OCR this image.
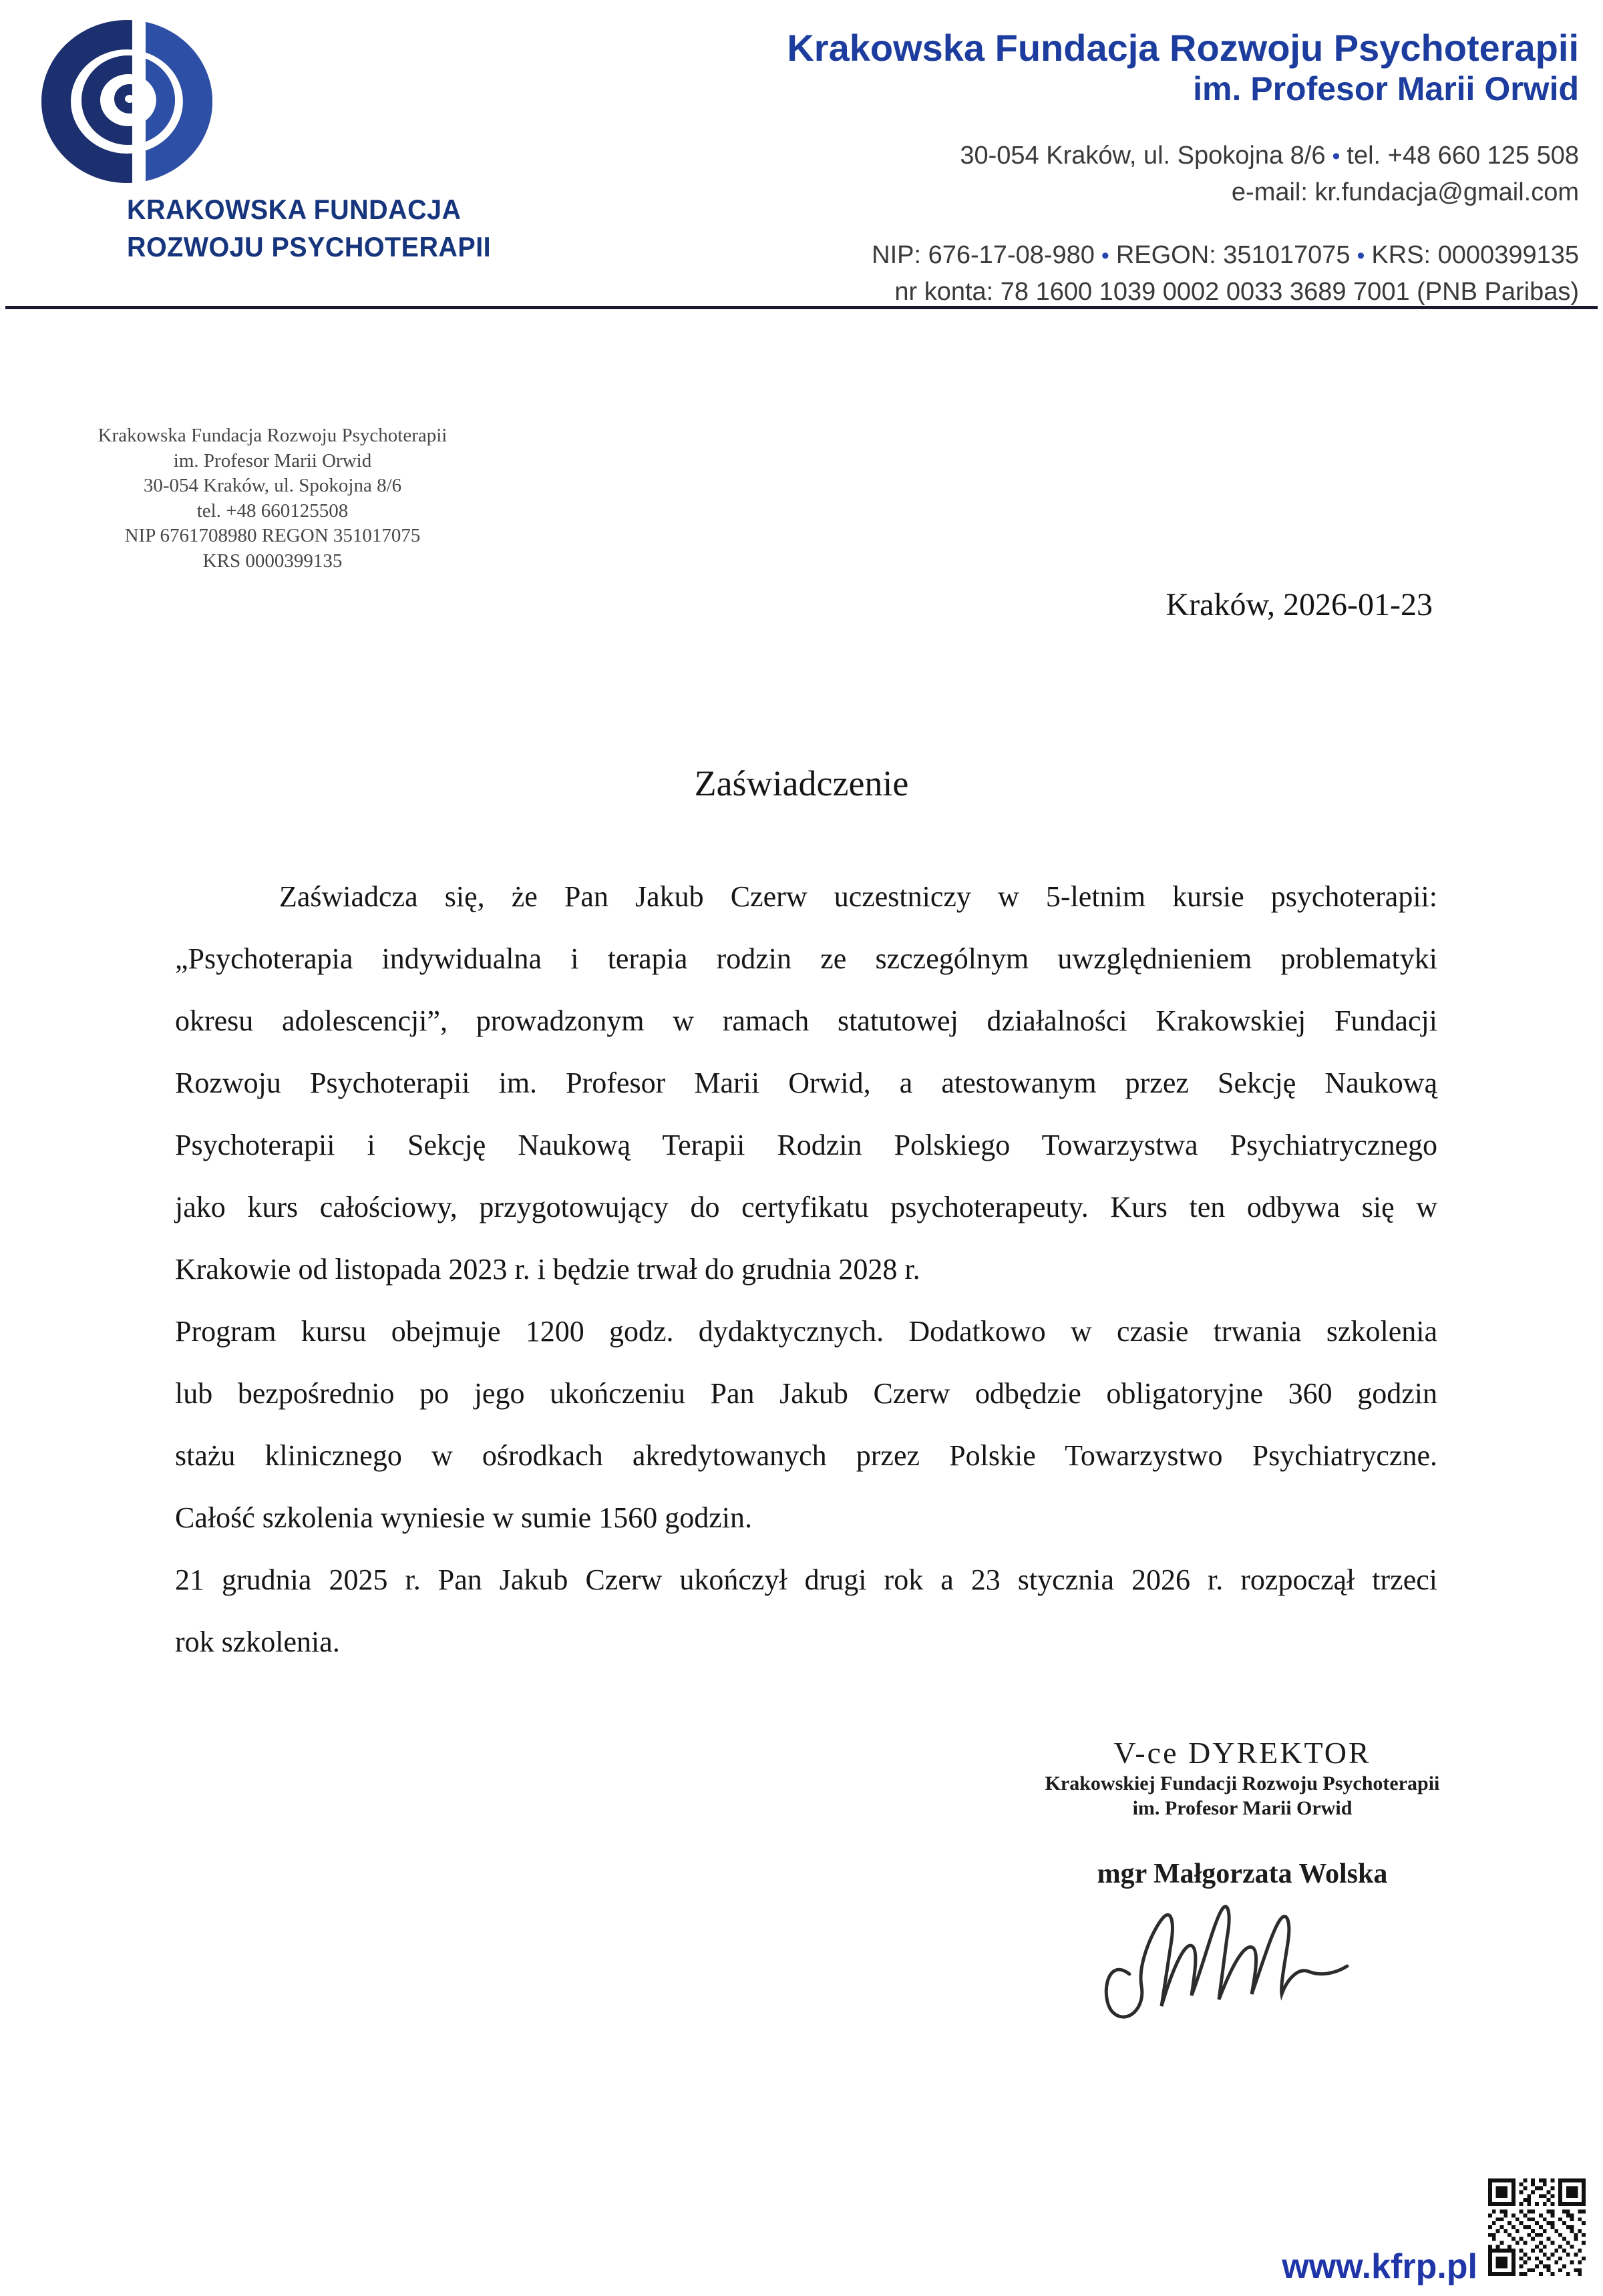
KRAKOWSKA FUNDACJA
ROZWOJU PSYCHOTERAPII
Krakowska Fundacja Rozwoju Psychoterapii
im. Profesor Marii Orwid
30-054 Kraków, ul. Spokojna 8/6 • tel. +48 660 125 508
e-mail: kr.fundacja@gmail.com
NIP: 676-17-08-980 • REGON: 351017075 • KRS: 0000399135
nr konta: 78 1600 1039 0002 0033 3689 7001 (PNB Paribas)
Krakowska Fundacja Rozwoju Psychoterapii
im. Profesor Marii Orwid
30-054 Kraków, ul. Spokojna 8/6
tel. +48 660125508
NIP 6761708980 REGON 351017075
KRS 0000399135
Kraków, 2026-01-23
Zaświadczenie
Zaświadcza się, że Pan Jakub Czerw uczestniczy w 5-letnim kursie psychoterapii:
„Psychoterapia indywidualna i terapia rodzin ze szczególnym uwzględnieniem problematyki
okresu adolescencji”, prowadzonym w ramach statutowej działalności Krakowskiej Fundacji
Rozwoju Psychoterapii im. Profesor Marii Orwid, a atestowanym przez Sekcję Naukową
Psychoterapii i Sekcję Naukową Terapii Rodzin Polskiego Towarzystwa Psychiatrycznego
jako kurs całościowy, przygotowujący do certyfikatu psychoterapeuty. Kurs ten odbywa się w
Krakowie od listopada 2023 r. i będzie trwał do grudnia 2028 r.
Program kursu obejmuje 1200 godz. dydaktycznych. Dodatkowo w czasie trwania szkolenia
lub bezpośrednio po jego ukończeniu Pan Jakub Czerw odbędzie obligatoryjne 360 godzin
stażu klinicznego w ośrodkach akredytowanych przez Polskie Towarzystwo Psychiatryczne.
Całość szkolenia wyniesie w sumie 1560 godzin.
21 grudnia 2025 r. Pan Jakub Czerw ukończył drugi rok a 23 stycznia 2026 r. rozpoczął trzeci
rok szkolenia.
V-ce DYREKTOR
Krakowskiej Fundacji Rozwoju Psychoterapii
im. Profesor Marii Orwid
mgr Małgorzata Wolska
www.kfrp.pl
